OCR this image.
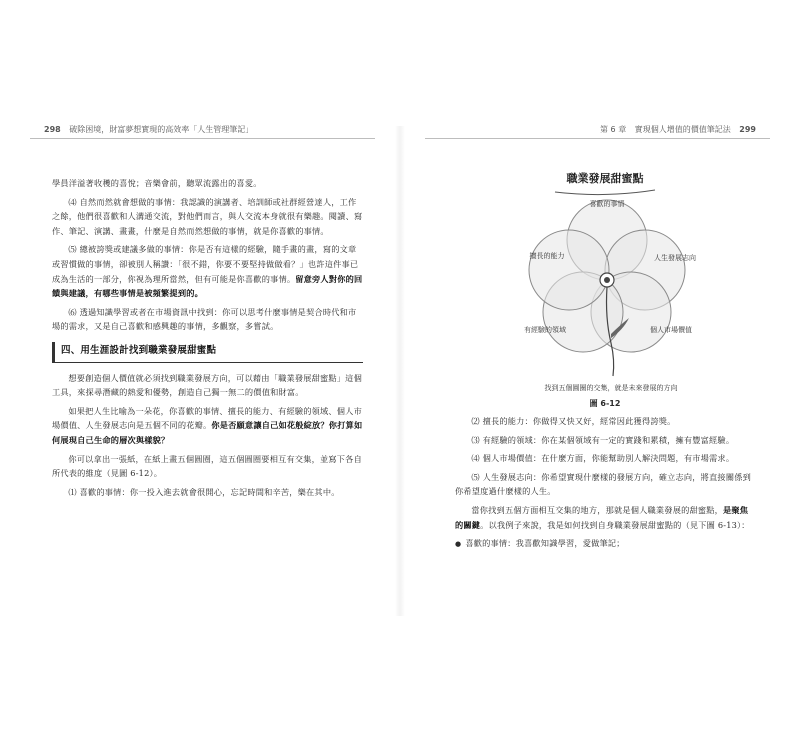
298 破除困境，財富夢想實現的高效率「人生管理筆記」

學員洋溢著收穫的喜悅；音樂會前，聽眾流露出的喜愛。

⑷ 自然而然就會想做的事情：我認識的演講者、培訓師或社群經營達人，工作之餘，他們很喜歡和人溝通交流，對他們而言，與人交流本身就很有樂趣。閱讀、寫作、筆記、演講、畫畫，什麼是自然而然想做的事情，就是你喜歡的事情。

⑸ 總被誇獎或建議多做的事情：你是否有這樣的經驗，隨手畫的畫，寫的文章或習慣做的事情，卻被別人稱讚：「很不錯，你要不要堅持做做看？」也許這件事已成為生活的一部分，你視為理所當然，但有可能是你喜歡的事情。留意旁人對你的回饋與建議，有哪些事情是被頻繁提到的。

⑹ 透過知識學習或者在市場資訊中找到：你可以思考什麼事情是契合時代和市場的需求，又是自己喜歡和感興趣的事情，多觀察，多嘗試。

四、用生涯設計找到職業發展甜蜜點

想要創造個人價值就必須找到職業發展方向，可以藉由「職業發展甜蜜點」這個工具，來探尋潛藏的熱愛和優勢，創造自己獨一無二的價值和財富。

如果把人生比喻為一朵花，你喜歡的事情、擅長的能力、有經驗的領域、個人市場價值、人生發展志向是五個不同的花瓣。你是否願意讓自己如花般綻放？你打算如何展現自己生命的層次與樣貌？

你可以拿出一張紙，在紙上畫五個圓圈，這五個圓圈要相互有交集，並寫下各自所代表的維度（見圖 6-12）。

⑴ 喜歡的事情：你一投入進去就會很開心，忘記時間和辛苦，樂在其中。

第 6 章 實現個人增值的價值筆記法 299
職業發展甜蜜點
喜歡的事情
擅長的能力	人生發展志向
有經驗的領域	個人市場價值
找到五個圓圈的交集，就是未來發展的方向
圖 6-12

⑵ 擅長的能力：你做得又快又好，經常因此獲得誇獎。

⑶ 有經驗的領域：你在某個領域有一定的實踐和累積，擁有豐富經驗。

⑷ 個人市場價值：在什麼方面，你能幫助別人解決問題，有市場需求。

⑸ 人生發展志向：你希望實現什麼樣的發展方向，確立志向，將直接關係到你希望度過什麼樣的人生。

當你找到五個方面相互交集的地方，那就是個人職業發展的甜蜜點，是聚焦的關鍵。以我例子來說，我是如何找到自身職業發展甜蜜點的（見下圖 6-13）：

● 喜歡的事情：我喜歡知識學習，愛做筆記；
